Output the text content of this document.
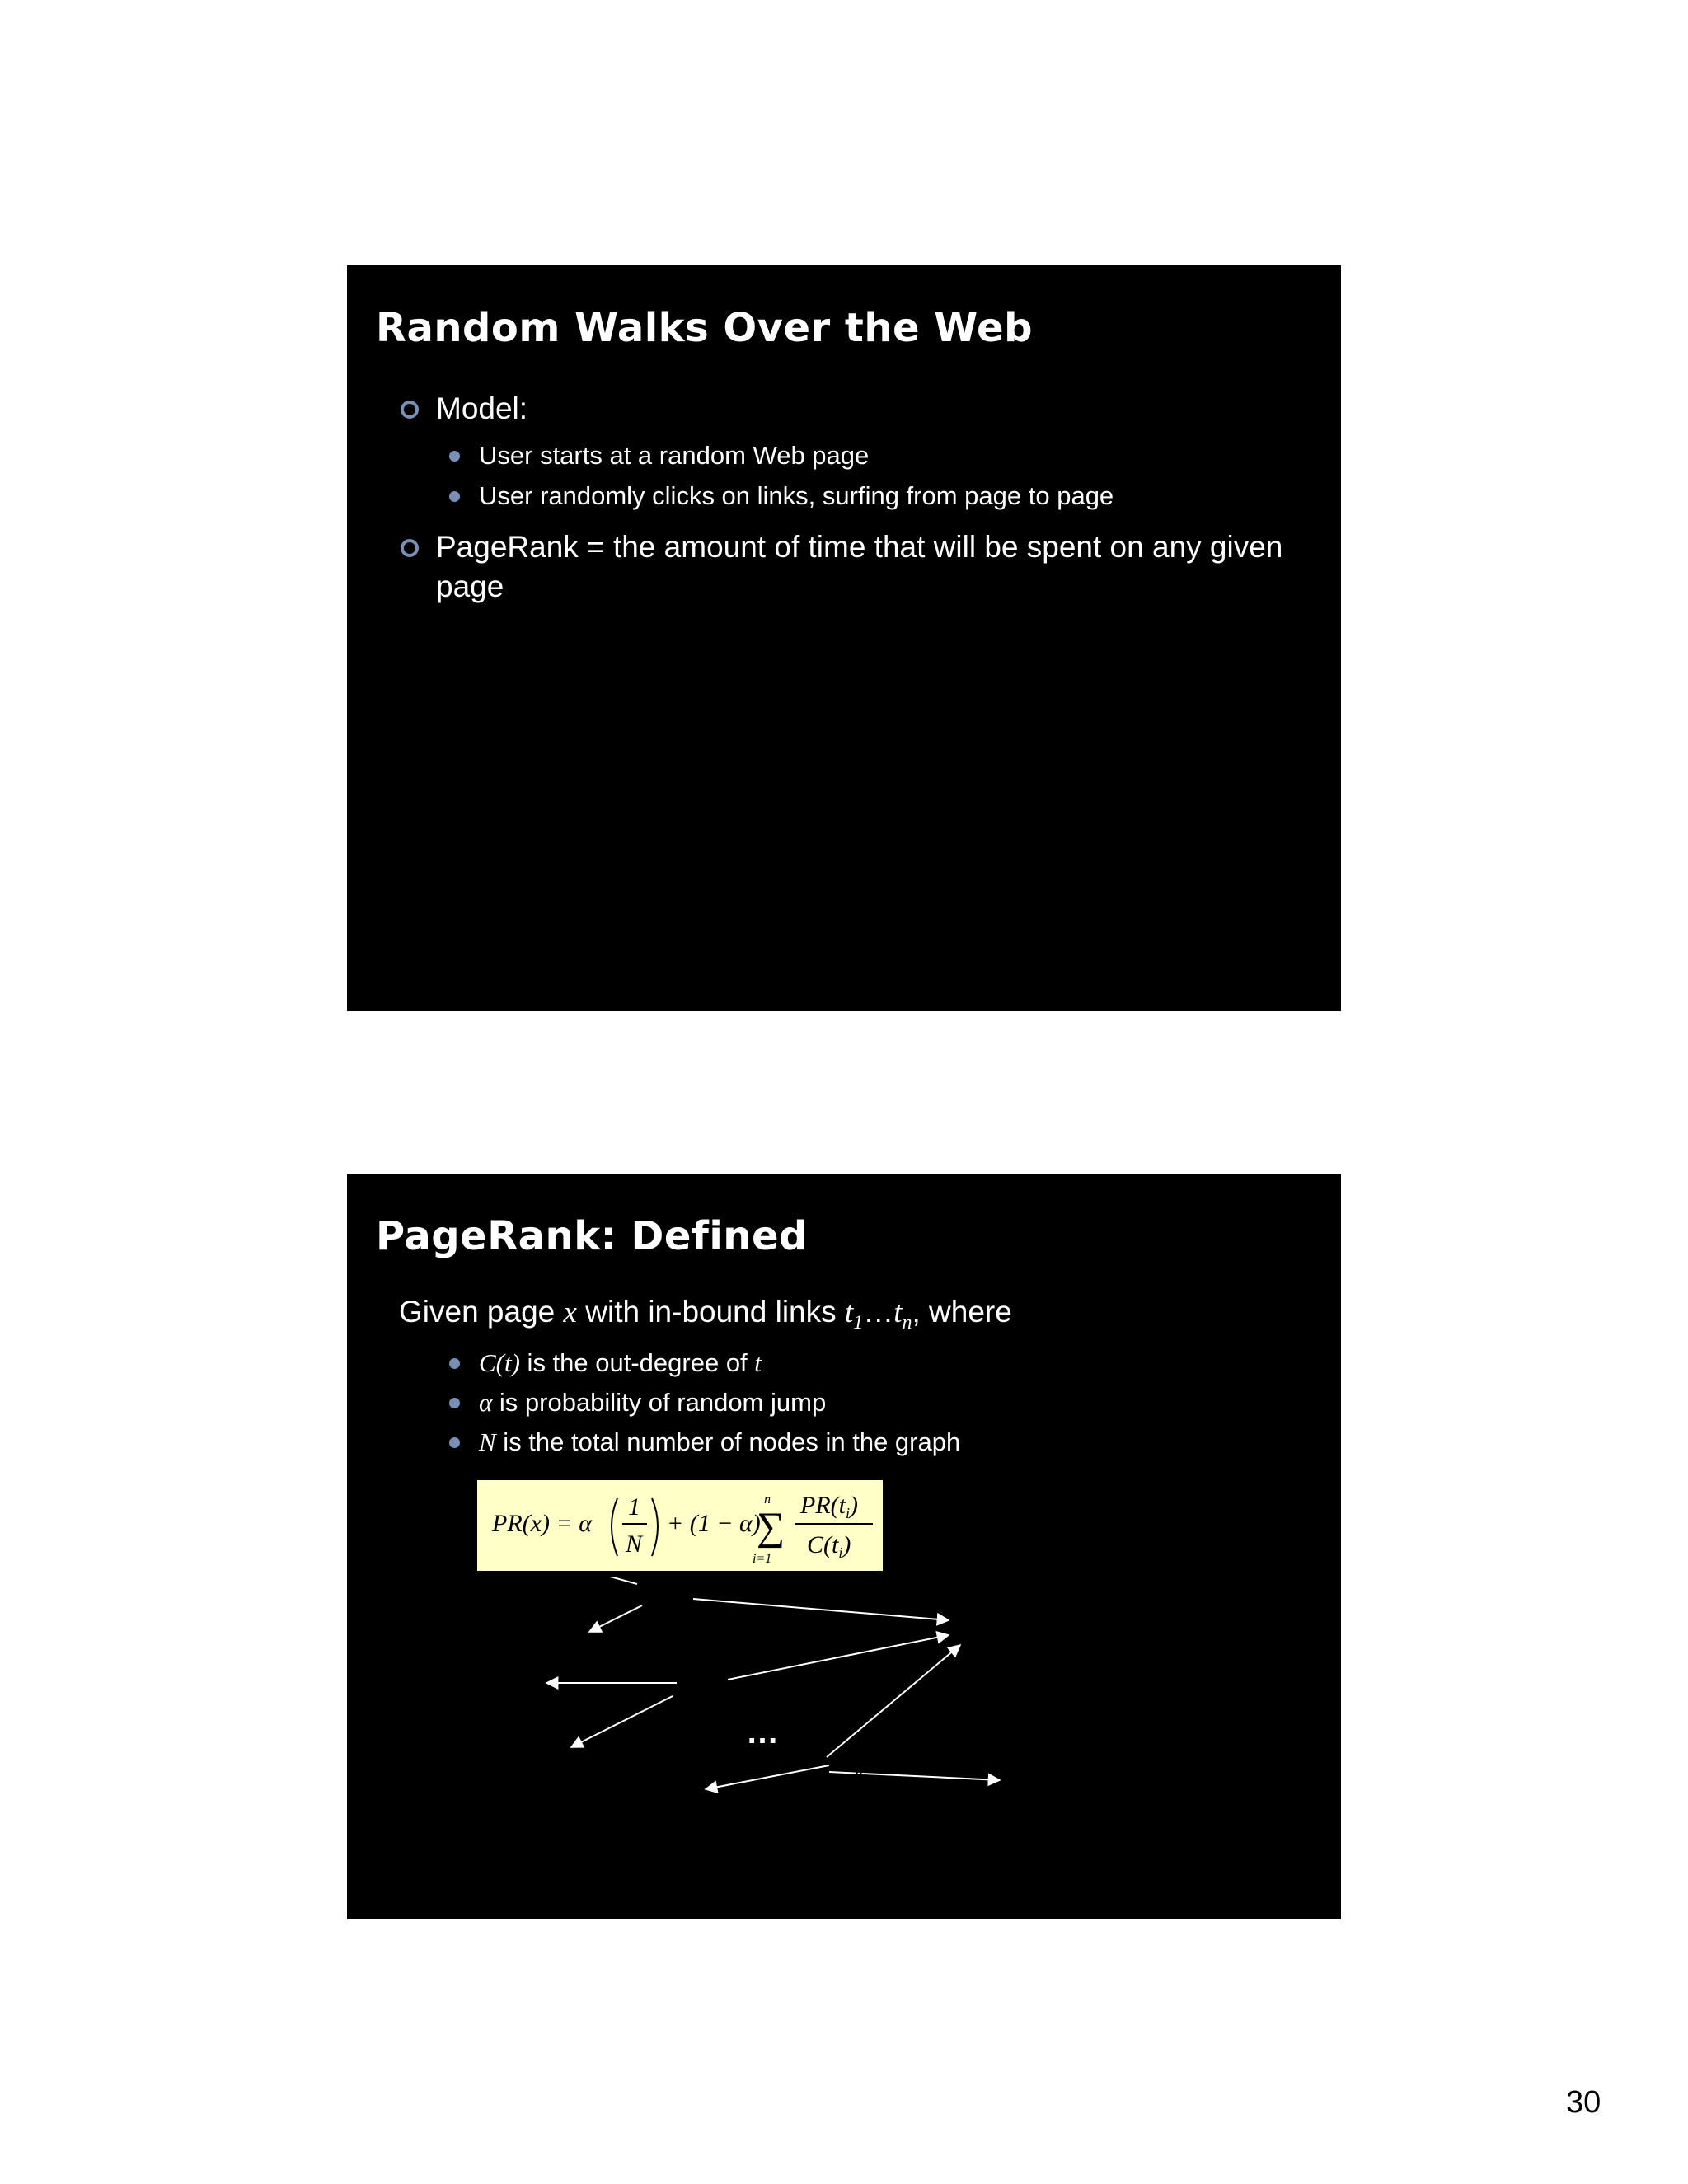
Random Walks Over the Web
Model:
User starts at a random Web page
User randomly clicks on links, surfing from page to page
PageRank = the amount of time that will be spent on any given page
PageRank: Defined
Given page x with in-bound links $t_1\dots t_n$, where
C(t) is the out-degree of t
α is probability of random jump
N is the total number of nodes in the graph
PR(x) = α
1
N
+ (1 − α)
n
∑
i=1
$PR(t_i)$
$C(t_i)$
$t_1$
$t_2$
$t_n$
x
…
30
